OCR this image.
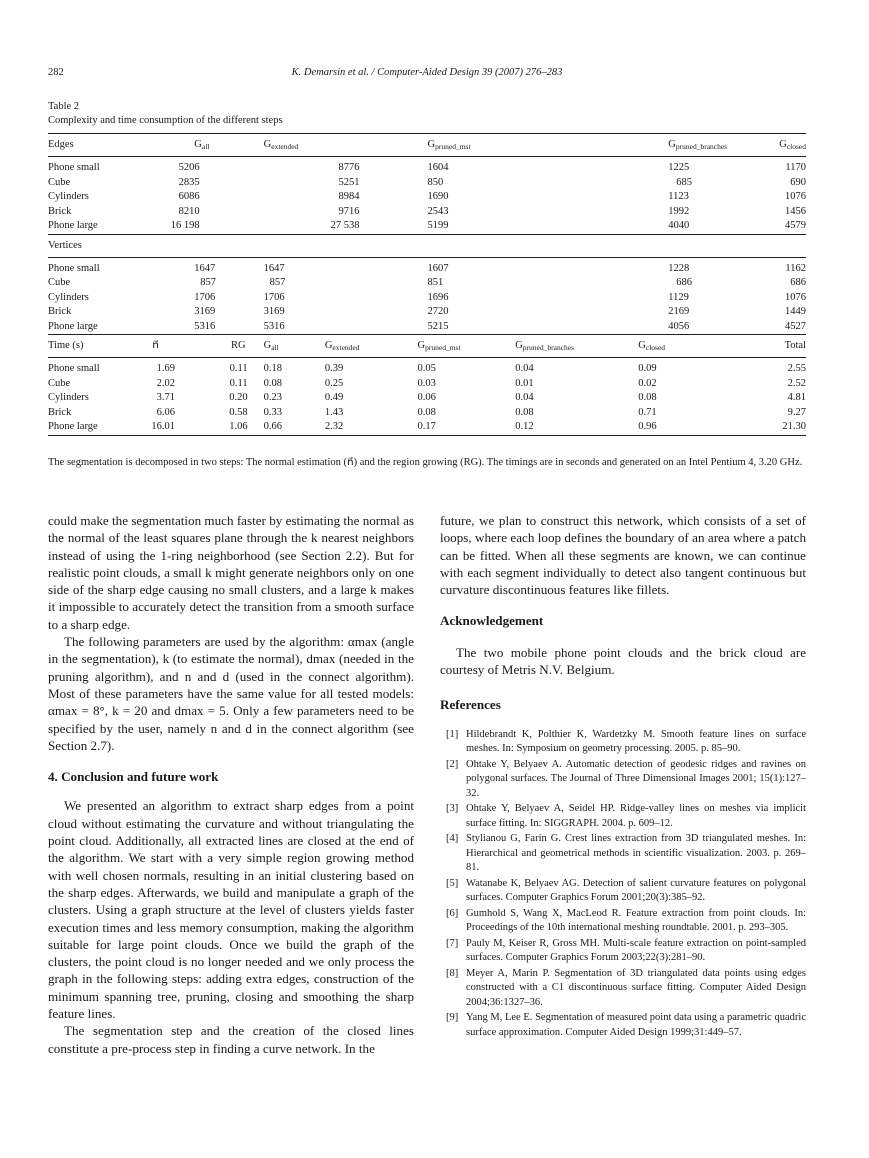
282	K. Demarsin et al. / Computer-Aided Design 39 (2007) 276–283
Table 2
Complexity and time consumption of the different steps
Edges	$G_{all}$		$G_{extended}$		$G_{pruned\_mst}$		$G_{pruned\_branches}$	$G_{closed}$

Phone small	5206		8776		1604		1225	1170
Cube	2835		5251		850		685	690
Cylinders	6086		8984		1690		1123	1076
Brick	8210		9716		2543		1992	1456
Phone large	16 198		27 538		5199		4040	4579
Vertices								

Phone small	1647		1647		1607		1228	1162
Cube	857		857		851		686	686
Cylinders	1706		1706		1696		1129	1076
Brick	3169		3169		2720		2169	1449
Phone large	5316		5316		5215		4056	4527
Time (s)	n⃗	RG	$G_{all}$	$G_{extended}$	$G_{pruned\_mst}$	$G_{pruned\_branches}$	$G_{closed}$	Total

Phone small	1.69	0.11	0.18	0.39	0.05	0.04	0.09	2.55
Cube	2.02	0.11	0.08	0.25	0.03	0.01	0.02	2.52
Cylinders	3.71	0.20	0.23	0.49	0.06	0.04	0.08	4.81
Brick	6.06	0.58	0.33	1.43	0.08	0.08	0.71	9.27
Phone large	16.01	1.06	0.66	2.32	0.17	0.12	0.96	21.30
The segmentation is decomposed in two steps: The normal estimation (n⃗) and the region growing (RG). The timings are in seconds and generated on an Intel Pentium 4, 3.20 GHz.

could make the segmentation much faster by estimating the normal as the normal of the least squares plane through the k nearest neighbors instead of using the 1-ring neighborhood (see Section 2.2). But for realistic point clouds, a small k might generate neighbors only on one side of the sharp edge causing no small clusters, and a large k makes it impossible to accurately detect the transition from a smooth surface to a sharp edge.

The following parameters are used by the algorithm: αmax (angle in the segmentation), k (to estimate the normal), dmax (needed in the pruning algorithm), and n and d (used in the connect algorithm). Most of these parameters have the same value for all tested models: αmax = 8°, k = 20 and dmax = 5. Only a few parameters need to be specified by the user, namely n and d in the connect algorithm (see Section 2.7).

4. Conclusion and future work

We presented an algorithm to extract sharp edges from a point cloud without estimating the curvature and without triangulating the point cloud. Additionally, all extracted lines are closed at the end of the algorithm. We start with a very simple region growing method with well chosen normals, resulting in an initial clustering based on the sharp edges. Afterwards, we build and manipulate a graph of the clusters. Using a graph structure at the level of clusters yields faster execution times and less memory consumption, making the algorithm suitable for large point clouds. Once we build the graph of the clusters, the point cloud is no longer needed and we only process the graph in the following steps: adding extra edges, construction of the minimum spanning tree, pruning, closing and smoothing the sharp feature lines.

The segmentation step and the creation of the closed lines constitute a pre-process step in finding a curve network. In the

future, we plan to construct this network, which consists of a set of loops, where each loop defines the boundary of an area where a patch can be fitted. When all these segments are known, we can continue with each segment individually to detect also tangent continuous but curvature discontinuous features like fillets.

Acknowledgement

The two mobile phone point clouds and the brick cloud are courtesy of Metris N.V. Belgium.

References
[1] Hildebrandt K, Polthier K, Wardetzky M. Smooth feature lines on surface meshes. In: Symposium on geometry processing. 2005. p. 85–90.
[2] Ohtake Y, Belyaev A. Automatic detection of geodesic ridges and ravines on polygonal surfaces. The Journal of Three Dimensional Images 2001; 15(1):127–32.
[3] Ohtake Y, Belyaev A, Seidel HP. Ridge-valley lines on meshes via implicit surface fitting. In: SIGGRAPH. 2004. p. 609–12.
[4] Stylianou G, Farin G. Crest lines extraction from 3D triangulated meshes. In: Hierarchical and geometrical methods in scientific visualization. 2003. p. 269–81.
[5] Watanabe K, Belyaev AG. Detection of salient curvature features on polygonal surfaces. Computer Graphics Forum 2001;20(3):385–92.
[6] Gumhold S, Wang X, MacLeod R. Feature extraction from point clouds. In: Proceedings of the 10th international meshing roundtable. 2001. p. 293–305.
[7] Pauly M, Keiser R, Gross MH. Multi-scale feature extraction on point-sampled surfaces. Computer Graphics Forum 2003;22(3):281–90.
[8] Meyer A, Marin P. Segmentation of 3D triangulated data points using edges constructed with a C1 discontinuous surface fitting. Computer Aided Design 2004;36:1327–36.
[9] Yang M, Lee E. Segmentation of measured point data using a parametric quadric surface approximation. Computer Aided Design 1999;31:449–57.
